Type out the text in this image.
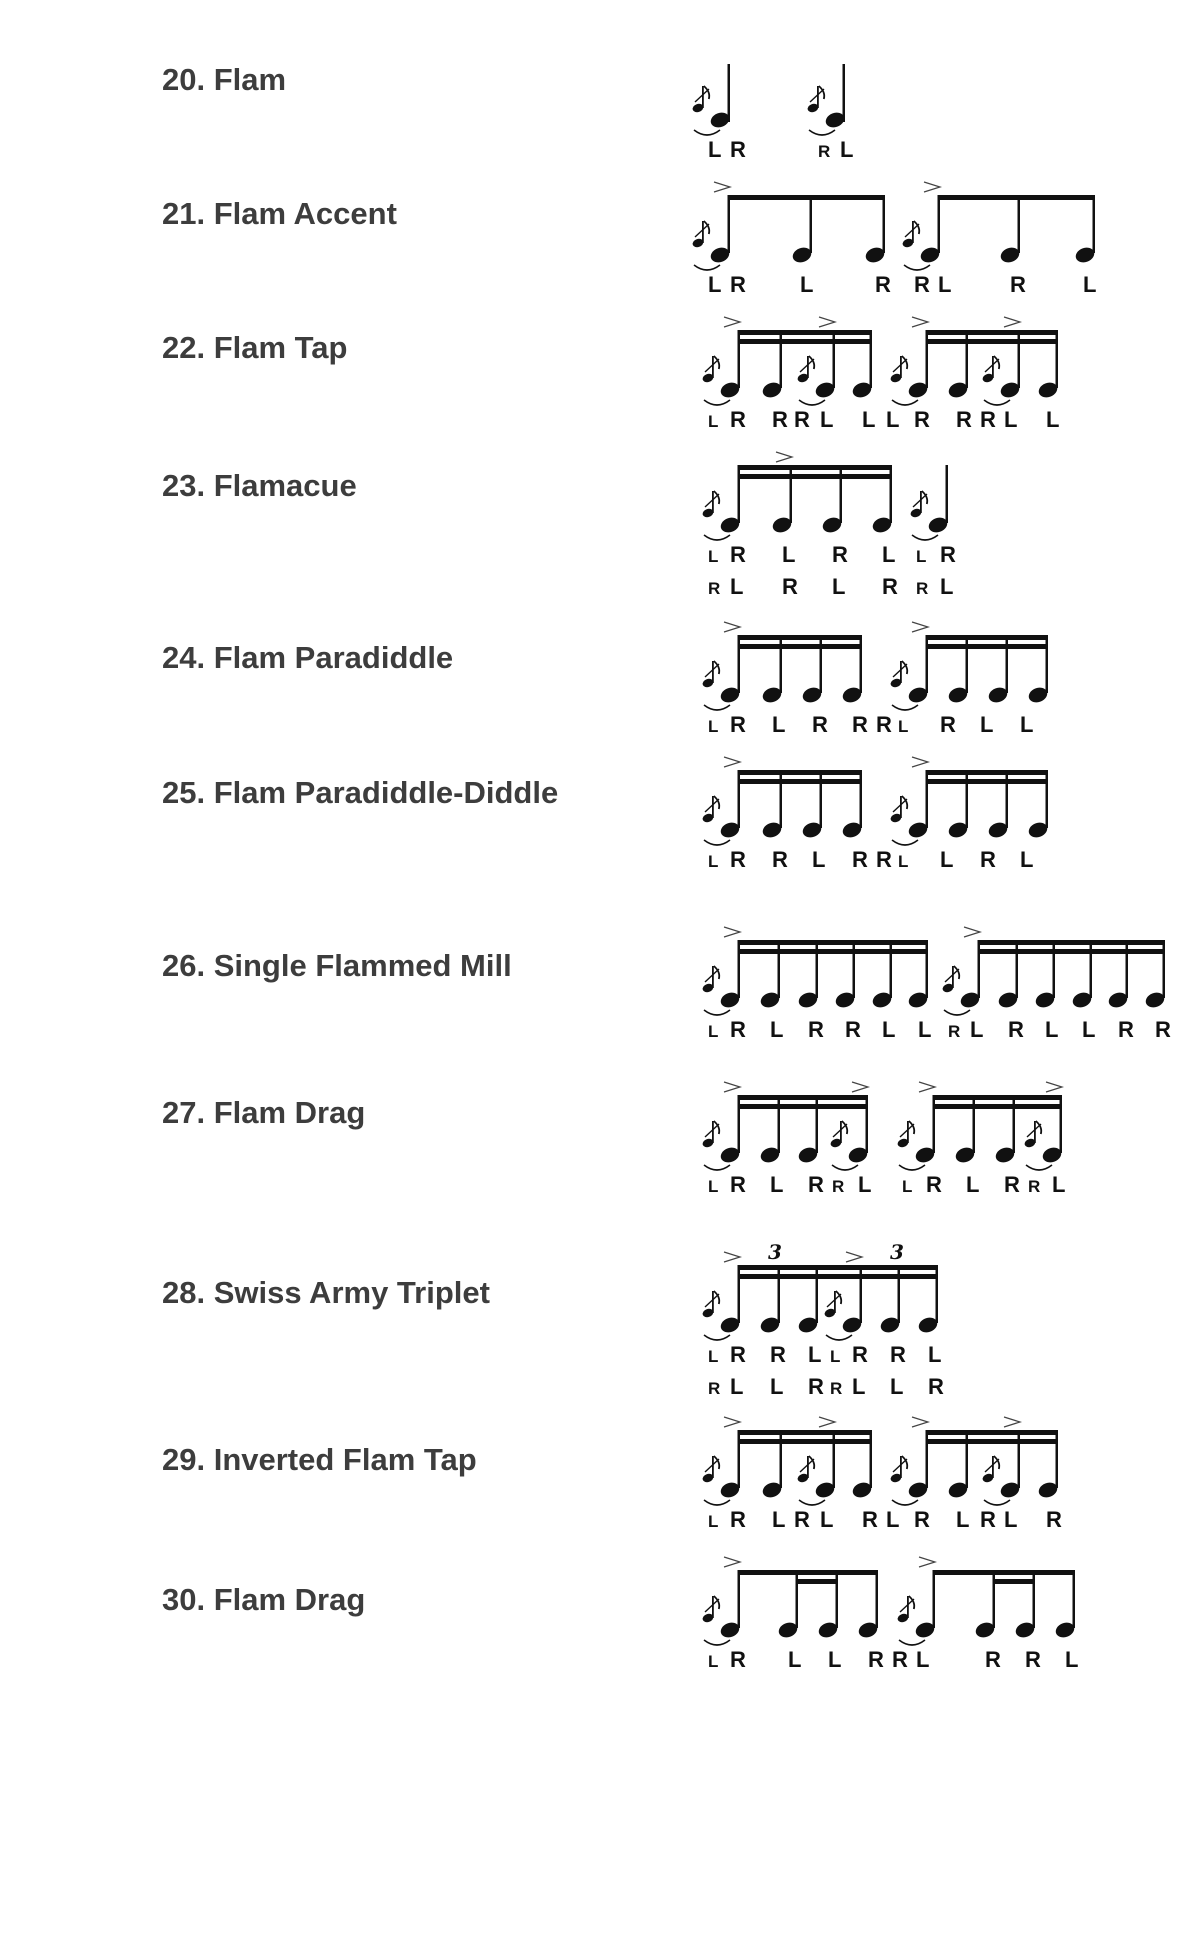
20. Flam
L R	R L
21. Flam Accent
L R L	R R L	R	L
22. Flam Tap
L R R R L L L R R R L L
23. Flamacue
L R L R L L R
R L R L R R L
24. Flam Paradiddle
L R L R R R L R L L
25. Flam Paradiddle-Diddle
L R R L R R L L R L
26. Single Flammed Mill
L R L R R L L R L R L L R R
27. Flam Drag
L R L R R L L R L R R L
28. Swiss Army Triplet
3	3
L R R L L R R L
R L L R R L L R
29. Inverted Flam Tap
L R L R L R L R L R L R
30. Flam Drag
L R L L R R L	R R L
